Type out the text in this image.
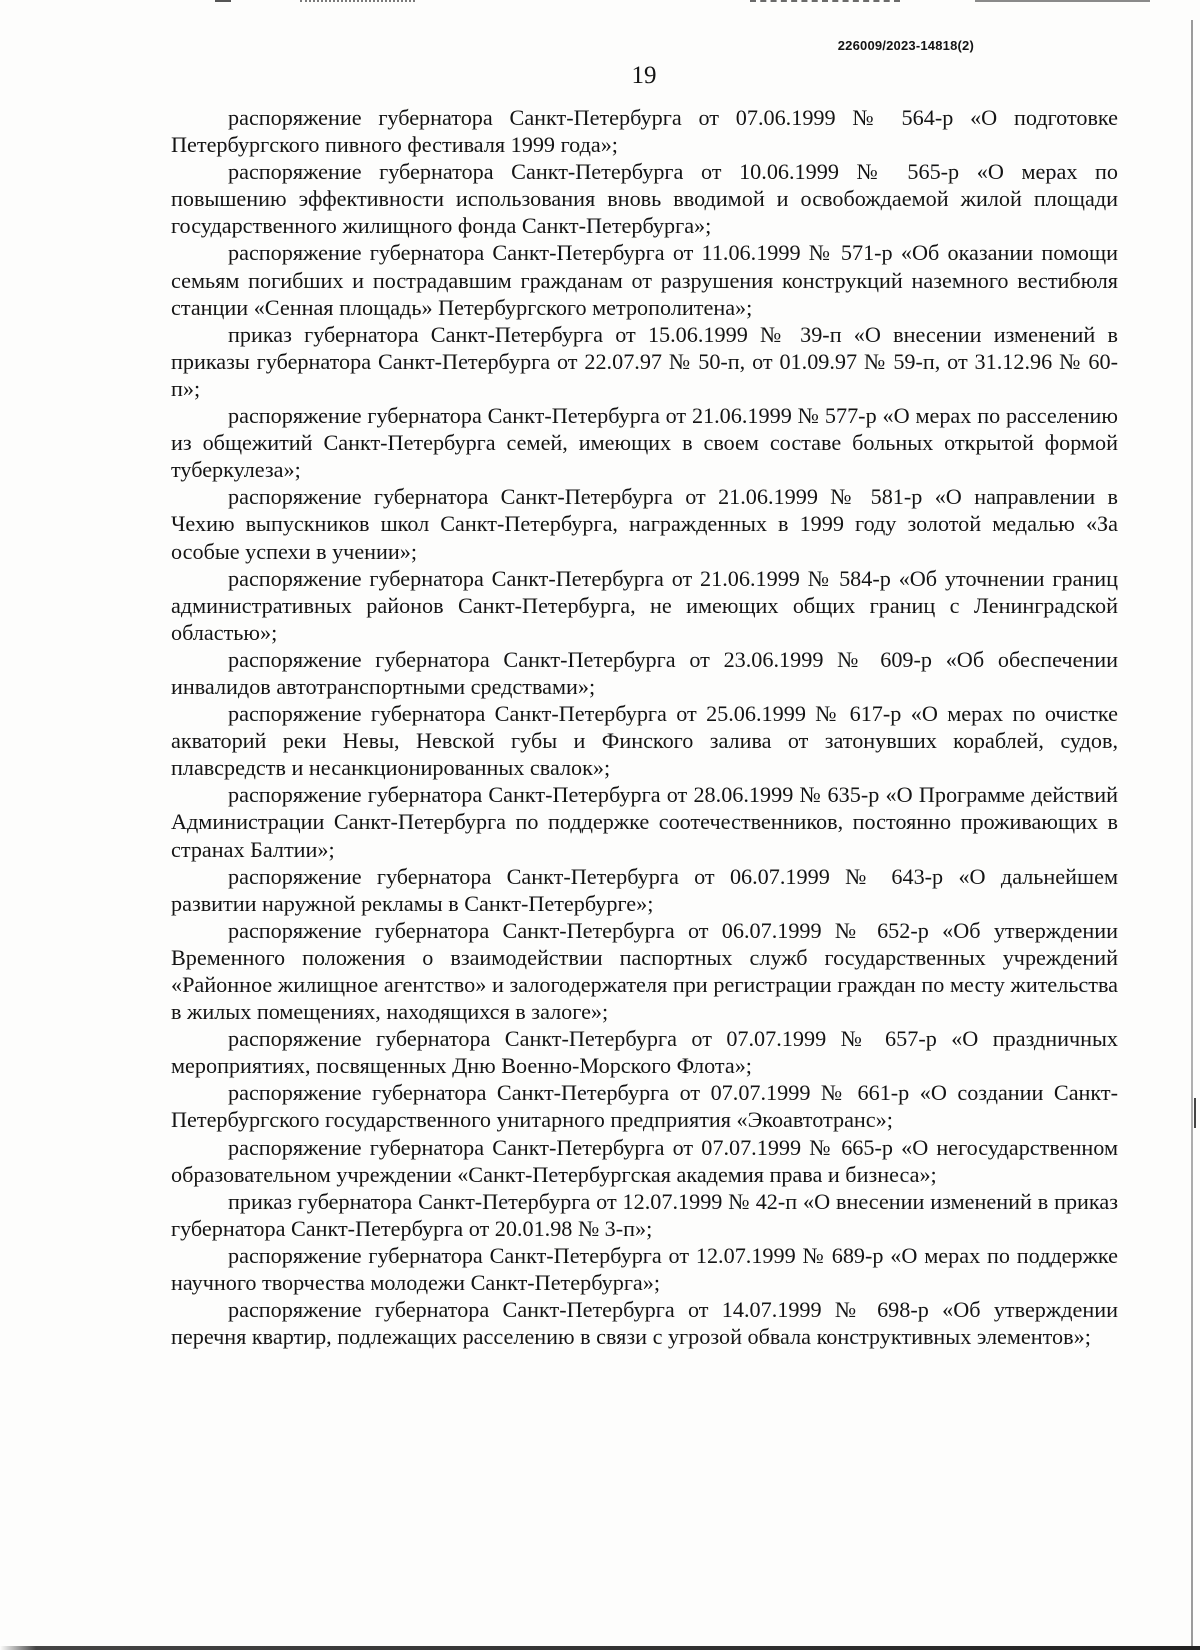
226009/2023-14818(2)
19

распоряжение губернатора Санкт-Петербурга от 07.06.1999 № 564-р «О подготовке Петербургского пивного фестиваля 1999 года»;

распоряжение губернатора Санкт-Петербурга от 10.06.1999 № 565-р «О мерах по повышению эффективности использования вновь вводимой и освобождаемой жилой площади государственного жилищного фонда Санкт-Петербурга»;

распоряжение губернатора Санкт-Петербурга от 11.06.1999 № 571-р «Об оказании помощи семьям погибших и пострадавшим гражданам от разрушения конструкций наземного вестибюля станции «Сенная площадь» Петербургского метрополитена»;

приказ губернатора Санкт-Петербурга от 15.06.1999 № 39-п «О внесении изменений в приказы губернатора Санкт-Петербурга от 22.07.97 № 50-п, от 01.09.97 № 59-п, от 31.12.96 № 60-п»;

распоряжение губернатора Санкт-Петербурга от 21.06.1999 № 577-р «О мерах по расселению из общежитий Санкт-Петербурга семей, имеющих в своем составе больных открытой формой туберкулеза»;

распоряжение губернатора Санкт-Петербурга от 21.06.1999 № 581-р «О направлении в Чехию выпускников школ Санкт-Петербурга, награжденных в 1999 году золотой медалью «За особые успехи в учении»;

распоряжение губернатора Санкт-Петербурга от 21.06.1999 № 584-р «Об уточнении границ административных районов Санкт-Петербурга, не имеющих общих границ с Ленинградской областью»;

распоряжение губернатора Санкт-Петербурга от 23.06.1999 № 609-р «Об обеспечении инвалидов автотранспортными средствами»;

распоряжение губернатора Санкт-Петербурга от 25.06.1999 № 617-р «О мерах по очистке акваторий реки Невы, Невской губы и Финского залива от затонувших кораблей, судов, плавсредств и несанкционированных свалок»;

распоряжение губернатора Санкт-Петербурга от 28.06.1999 № 635-р «О Программе действий Администрации Санкт-Петербурга по поддержке соотечественников, постоянно проживающих в странах Балтии»;

распоряжение губернатора Санкт-Петербурга от 06.07.1999 № 643-р «О дальнейшем развитии наружной рекламы в Санкт-Петербурге»;

распоряжение губернатора Санкт-Петербурга от 06.07.1999 № 652-р «Об утверждении Временного положения о взаимодействии паспортных служб государственных учреждений «Районное жилищное агентство» и залогодержателя при регистрации граждан по месту жительства в жилых помещениях, находящихся в залоге»;

распоряжение губернатора Санкт-Петербурга от 07.07.1999 № 657-р «О праздничных мероприятиях, посвященных Дню Военно-Морского Флота»;

распоряжение губернатора Санкт-Петербурга от 07.07.1999 № 661-р «О создании Санкт-Петербургского государственного унитарного предприятия «Экоавтотранс»;

распоряжение губернатора Санкт-Петербурга от 07.07.1999 № 665-р «О негосударственном образовательном учреждении «Санкт-Петербургская академия права и бизнеса»;

приказ губернатора Санкт-Петербурга от 12.07.1999 № 42-п «О внесении изменений в приказ губернатора Санкт-Петербурга от 20.01.98 № 3-п»;

распоряжение губернатора Санкт-Петербурга от 12.07.1999 № 689-р «О мерах по поддержке научного творчества молодежи Санкт-Петербурга»;

распоряжение губернатора Санкт-Петербурга от 14.07.1999 № 698-р «Об утверждении перечня квартир, подлежащих расселению в связи с угрозой обвала конструктивных элементов»;
